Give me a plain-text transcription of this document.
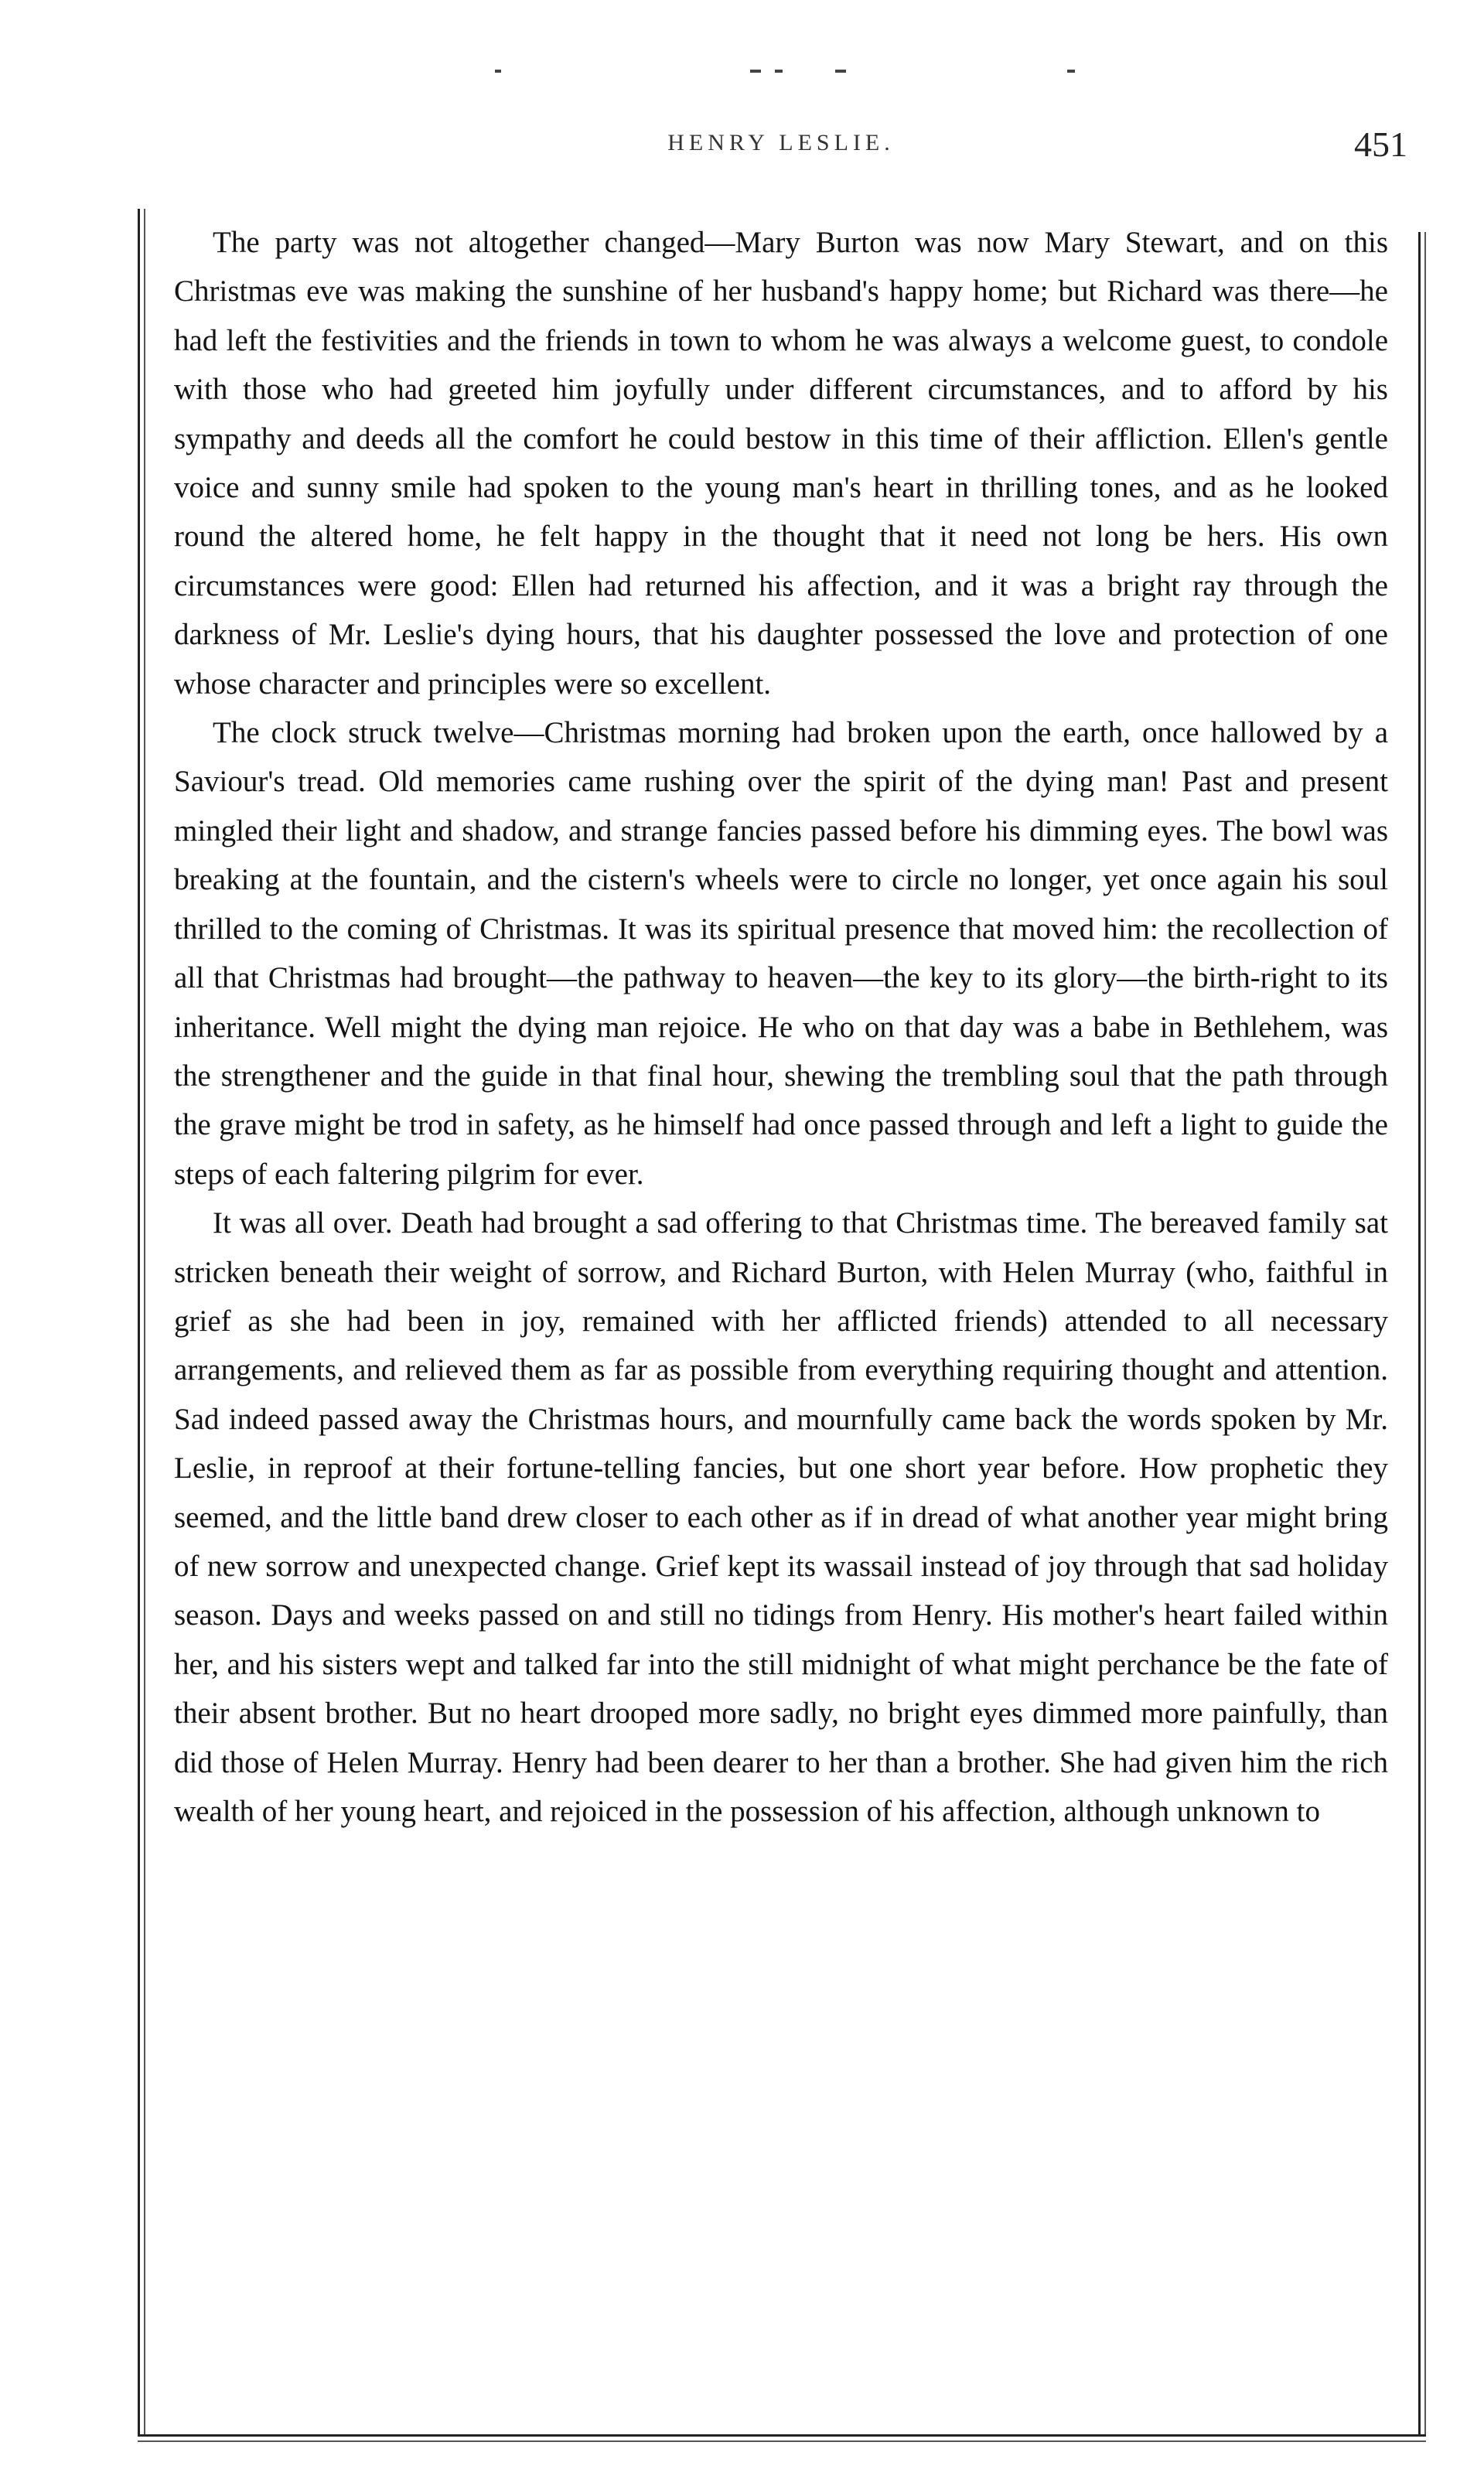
HENRY LESLIE.	451

The party was not altogether changed—Mary Burton was now Mary Stewart, and on this Christmas eve was making the sunshine of her husband's happy home; but Richard was there—he had left the festivities and the friends in town to whom he was always a welcome guest, to condole with those who had greeted him joyfully under different circumstances, and to afford by his sympathy and deeds all the comfort he could bestow in this time of their affliction. Ellen's gentle voice and sunny smile had spoken to the young man's heart in thrilling tones, and as he looked round the altered home, he felt happy in the thought that it need not long be hers. His own circumstances were good: Ellen had returned his affection, and it was a bright ray through the darkness of Mr. Leslie's dying hours, that his daughter possessed the love and protection of one whose character and principles were so excellent.

The clock struck twelve—Christmas morning had broken upon the earth, once hallowed by a Saviour's tread. Old memories came rushing over the spirit of the dying man! Past and present mingled their light and shadow, and strange fancies passed before his dimming eyes. The bowl was breaking at the fountain, and the cistern's wheels were to circle no longer, yet once again his soul thrilled to the coming of Christmas. It was its spiritual presence that moved him: the recollection of all that Christmas had brought—the pathway to heaven—the key to its glory—the birth-right to its inheritance. Well might the dying man rejoice. He who on that day was a babe in Bethlehem, was the strengthener and the guide in that final hour, shewing the trembling soul that the path through the grave might be trod in safety, as he himself had once passed through and left a light to guide the steps of each faltering pilgrim for ever.

It was all over. Death had brought a sad offering to that Christmas time. The bereaved family sat stricken beneath their weight of sorrow, and Richard Burton, with Helen Murray (who, faithful in grief as she had been in joy, remained with her afflicted friends) attended to all necessary arrangements, and relieved them as far as possible from everything requiring thought and attention. Sad indeed passed away the Christmas hours, and mournfully came back the words spoken by Mr. Leslie, in reproof at their fortune-telling fancies, but one short year before. How prophetic they seemed, and the little band drew closer to each other as if in dread of what another year might bring of new sorrow and unexpected change. Grief kept its wassail instead of joy through that sad holiday season. Days and weeks passed on and still no tidings from Henry. His mother's heart failed within her, and his sisters wept and talked far into the still midnight of what might perchance be the fate of their absent brother. But no heart drooped more sadly, no bright eyes dimmed more painfully, than did those of Helen Murray. Henry had been dearer to her than a brother. She had given him the rich wealth of her young heart, and rejoiced in the possession of his affection, although unknown to
